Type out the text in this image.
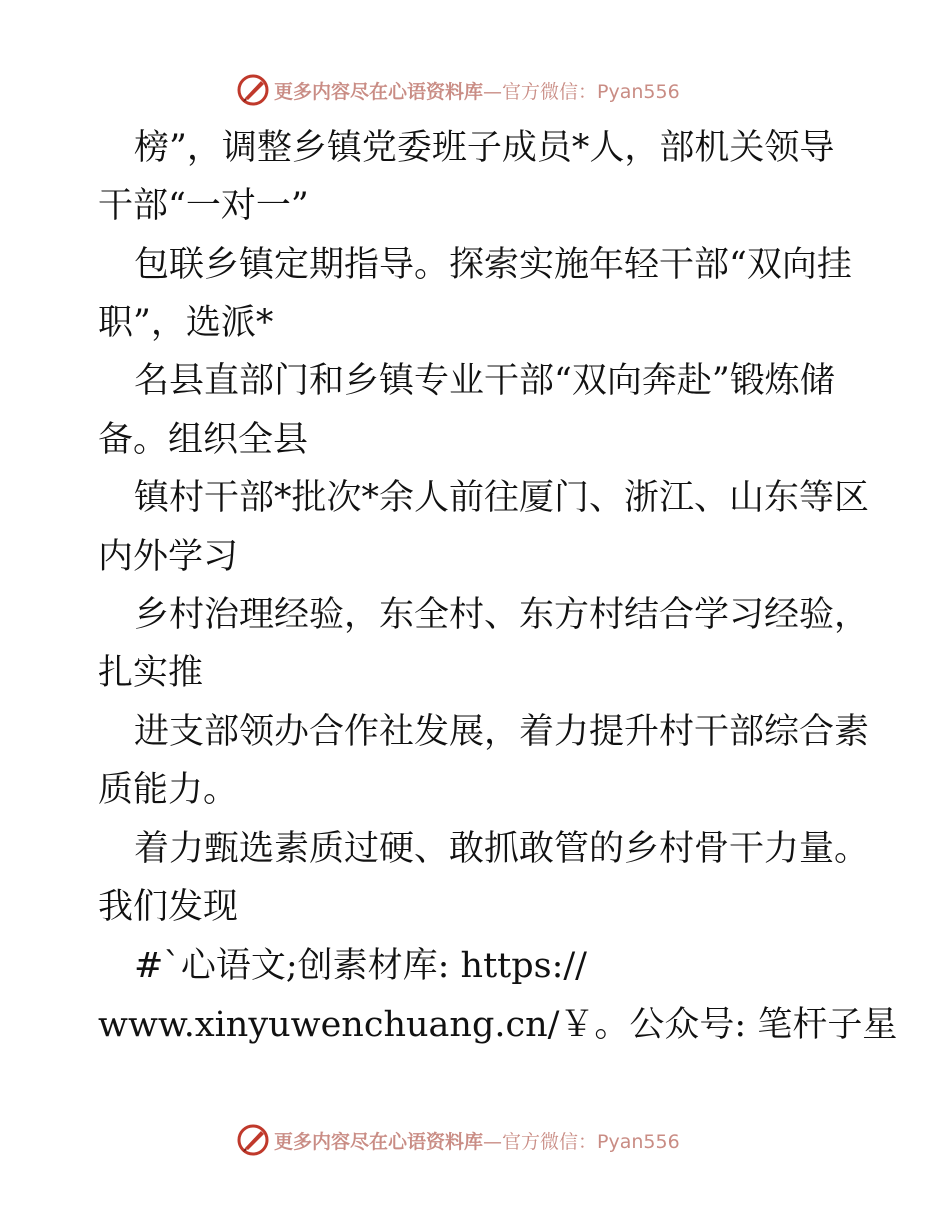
更多内容尽在心语资料库 —官方微信：Pyan556
榜”，调整乡镇党委班子成员*人，部机关领导
干部“一对一”
包联乡镇定期指导。探索实施年轻干部“双向挂
职”，选派*
名县直部门和乡镇专业干部“双向奔赴”锻炼储
备。组织全县
镇村干部*批次*余人前往厦门、浙江、山东等区
内外学习
乡村治理经验，东全村、东方村结合学习经验，
扎实推
进支部领办合作社发展，着力提升村干部综合素
质能力。
着力甄选素质过硬、敢抓敢管的乡村骨干力量。
我们发现
#`心语文;创素材库: https://
www.xinyuwenchuang.cn/￥。公众号: 笔杆子星
更多内容尽在心语资料库 —官方微信：Pyan556
